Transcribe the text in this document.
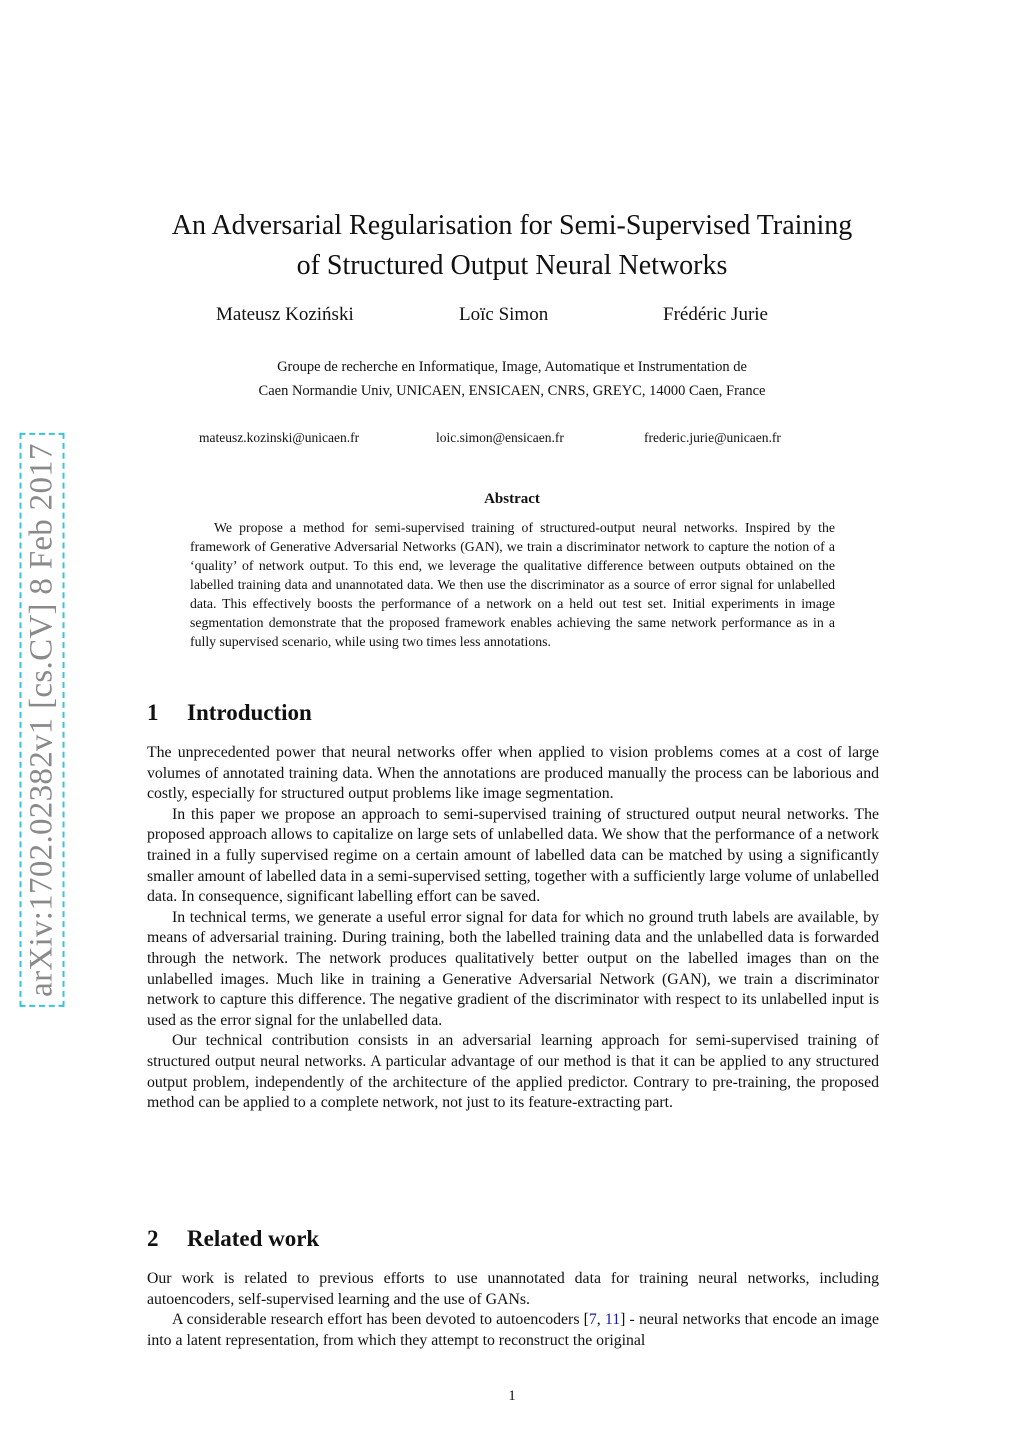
arXiv:1702.02382v1 [cs.CV] 8 Feb 2017
An Adversarial Regularisation for Semi-Supervised Training
of Structured Output Neural Networks
Mateusz Koziński	Loïc Simon	Frédéric Jurie
Groupe de recherche en Informatique, Image, Automatique et Instrumentation de
Caen Normandie Univ, UNICAEN, ENSICAEN, CNRS, GREYC, 14000 Caen, France
mateusz.kozinski@unicaen.fr	loic.simon@ensicaen.fr	frederic.jurie@unicaen.fr
Abstract
We propose a method for semi-supervised training of structured-output neural networks. Inspired by the framework of Generative Adversarial Networks (GAN), we train a discriminator network to capture the notion of a ‘quality’ of network output. To this end, we leverage the qualitative difference between outputs obtained on the labelled training data and unannotated data. We then use the discriminator as a source of error signal for unlabelled data. This effectively boosts the performance of a network on a held out test set. Initial experiments in image segmentation demonstrate that the proposed framework enables achieving the same network performance as in a fully supervised scenario, while using two times less annotations.
1 Introduction

The unprecedented power that neural networks offer when applied to vision problems comes at a cost of large volumes of annotated training data. When the annotations are produced manually the process can be laborious and costly, especially for structured output problems like image segmentation.

In this paper we propose an approach to semi-supervised training of structured output neural networks. The proposed approach allows to capitalize on large sets of unlabelled data. We show that the performance of a network trained in a fully supervised regime on a certain amount of labelled data can be matched by using a significantly smaller amount of labelled data in a semi-supervised setting, together with a sufficiently large volume of unlabelled data. In consequence, significant labelling effort can be saved.

In technical terms, we generate a useful error signal for data for which no ground truth labels are available, by means of adversarial training. During training, both the labelled training data and the unlabelled data is forwarded through the network. The network produces qualitatively better output on the labelled images than on the unlabelled images. Much like in training a Generative Adversarial Network (GAN), we train a discriminator network to capture this difference. The negative gradient of the discriminator with respect to its unlabelled input is used as the error signal for the unlabelled data.

Our technical contribution consists in an adversarial learning approach for semi-supervised training of structured output neural networks. A particular advantage of our method is that it can be applied to any structured output problem, independently of the architecture of the applied predictor. Contrary to pre-training, the proposed method can be applied to a complete network, not just to its feature-extracting part.

2 Related work

Our work is related to previous efforts to use unannotated data for training neural networks, including autoencoders, self-supervised learning and the use of GANs.

A considerable research effort has been devoted to autoencoders [7, 11] - neural networks that encode an image into a latent representation, from which they attempt to reconstruct the original

1
